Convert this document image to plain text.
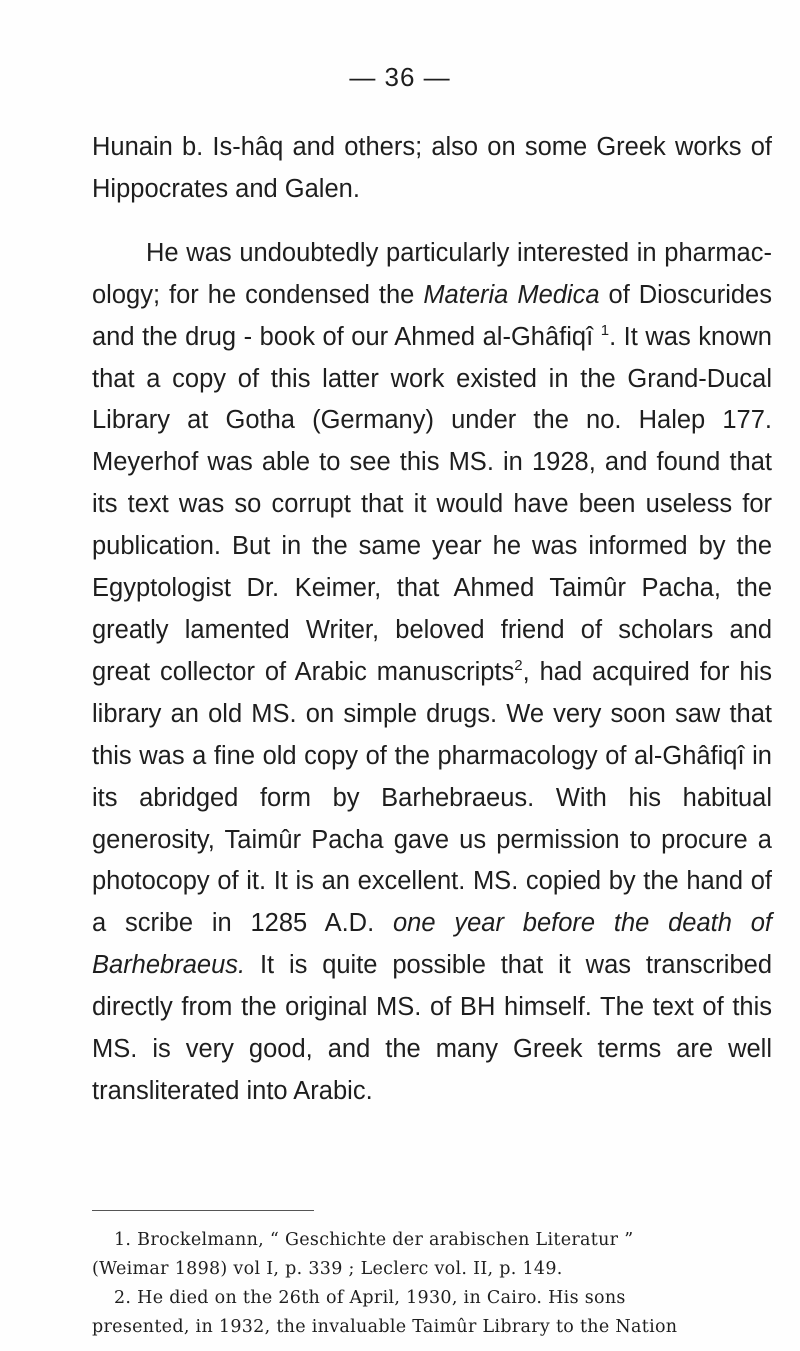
— 36 —

Hunain b. Is-hâq and others; also on some Greek works of Hippocrates and Galen.

He was undoubtedly particularly interested in pharmac-ology; for he condensed the Materia Medica of Dioscurides and the drug - book of our Ahmed al-Ghâfiqî $^1$. It was known that a copy of this latter work existed in the Grand-Ducal Library at Gotha (Germany) under the no. Halep 177. Meyerhof was able to see this MS. in 1928, and found that its text was so corrupt that it would have been useless for publication. But in the same year he was informed by the Egyptologist Dr. Keimer, that Ahmed Taimûr Pacha, the greatly lamented Writer, beloved friend of scholars and great collector of Arabic manuscripts$^2$, had acquired for his library an old MS. on simple drugs. We very soon saw that this was a fine old copy of the pharmacology of al-Ghâfiqî in its abridged form by Barhebraeus. With his habitual generosity, Taimûr Pacha gave us permission to procure a photocopy of it. It is an excellent. MS. copied by the hand of a scribe in 1285 A.D. one year before the death of Barhebraeus. It is quite possible that it was transcribed directly from the original MS. of BH himself. The text of this MS. is very good, and the many Greek terms are well transliterated into Arabic.

1. Brockelmann, “ Geschichte der arabischen Literatur ”

(Weimar 1898) vol I, p. 339 ; Leclerc vol. II, p. 149.

2. He died on the 26th of April, 1930, in Cairo. His sons

presented, in 1932, the invaluable Taimûr Library to the Nation
